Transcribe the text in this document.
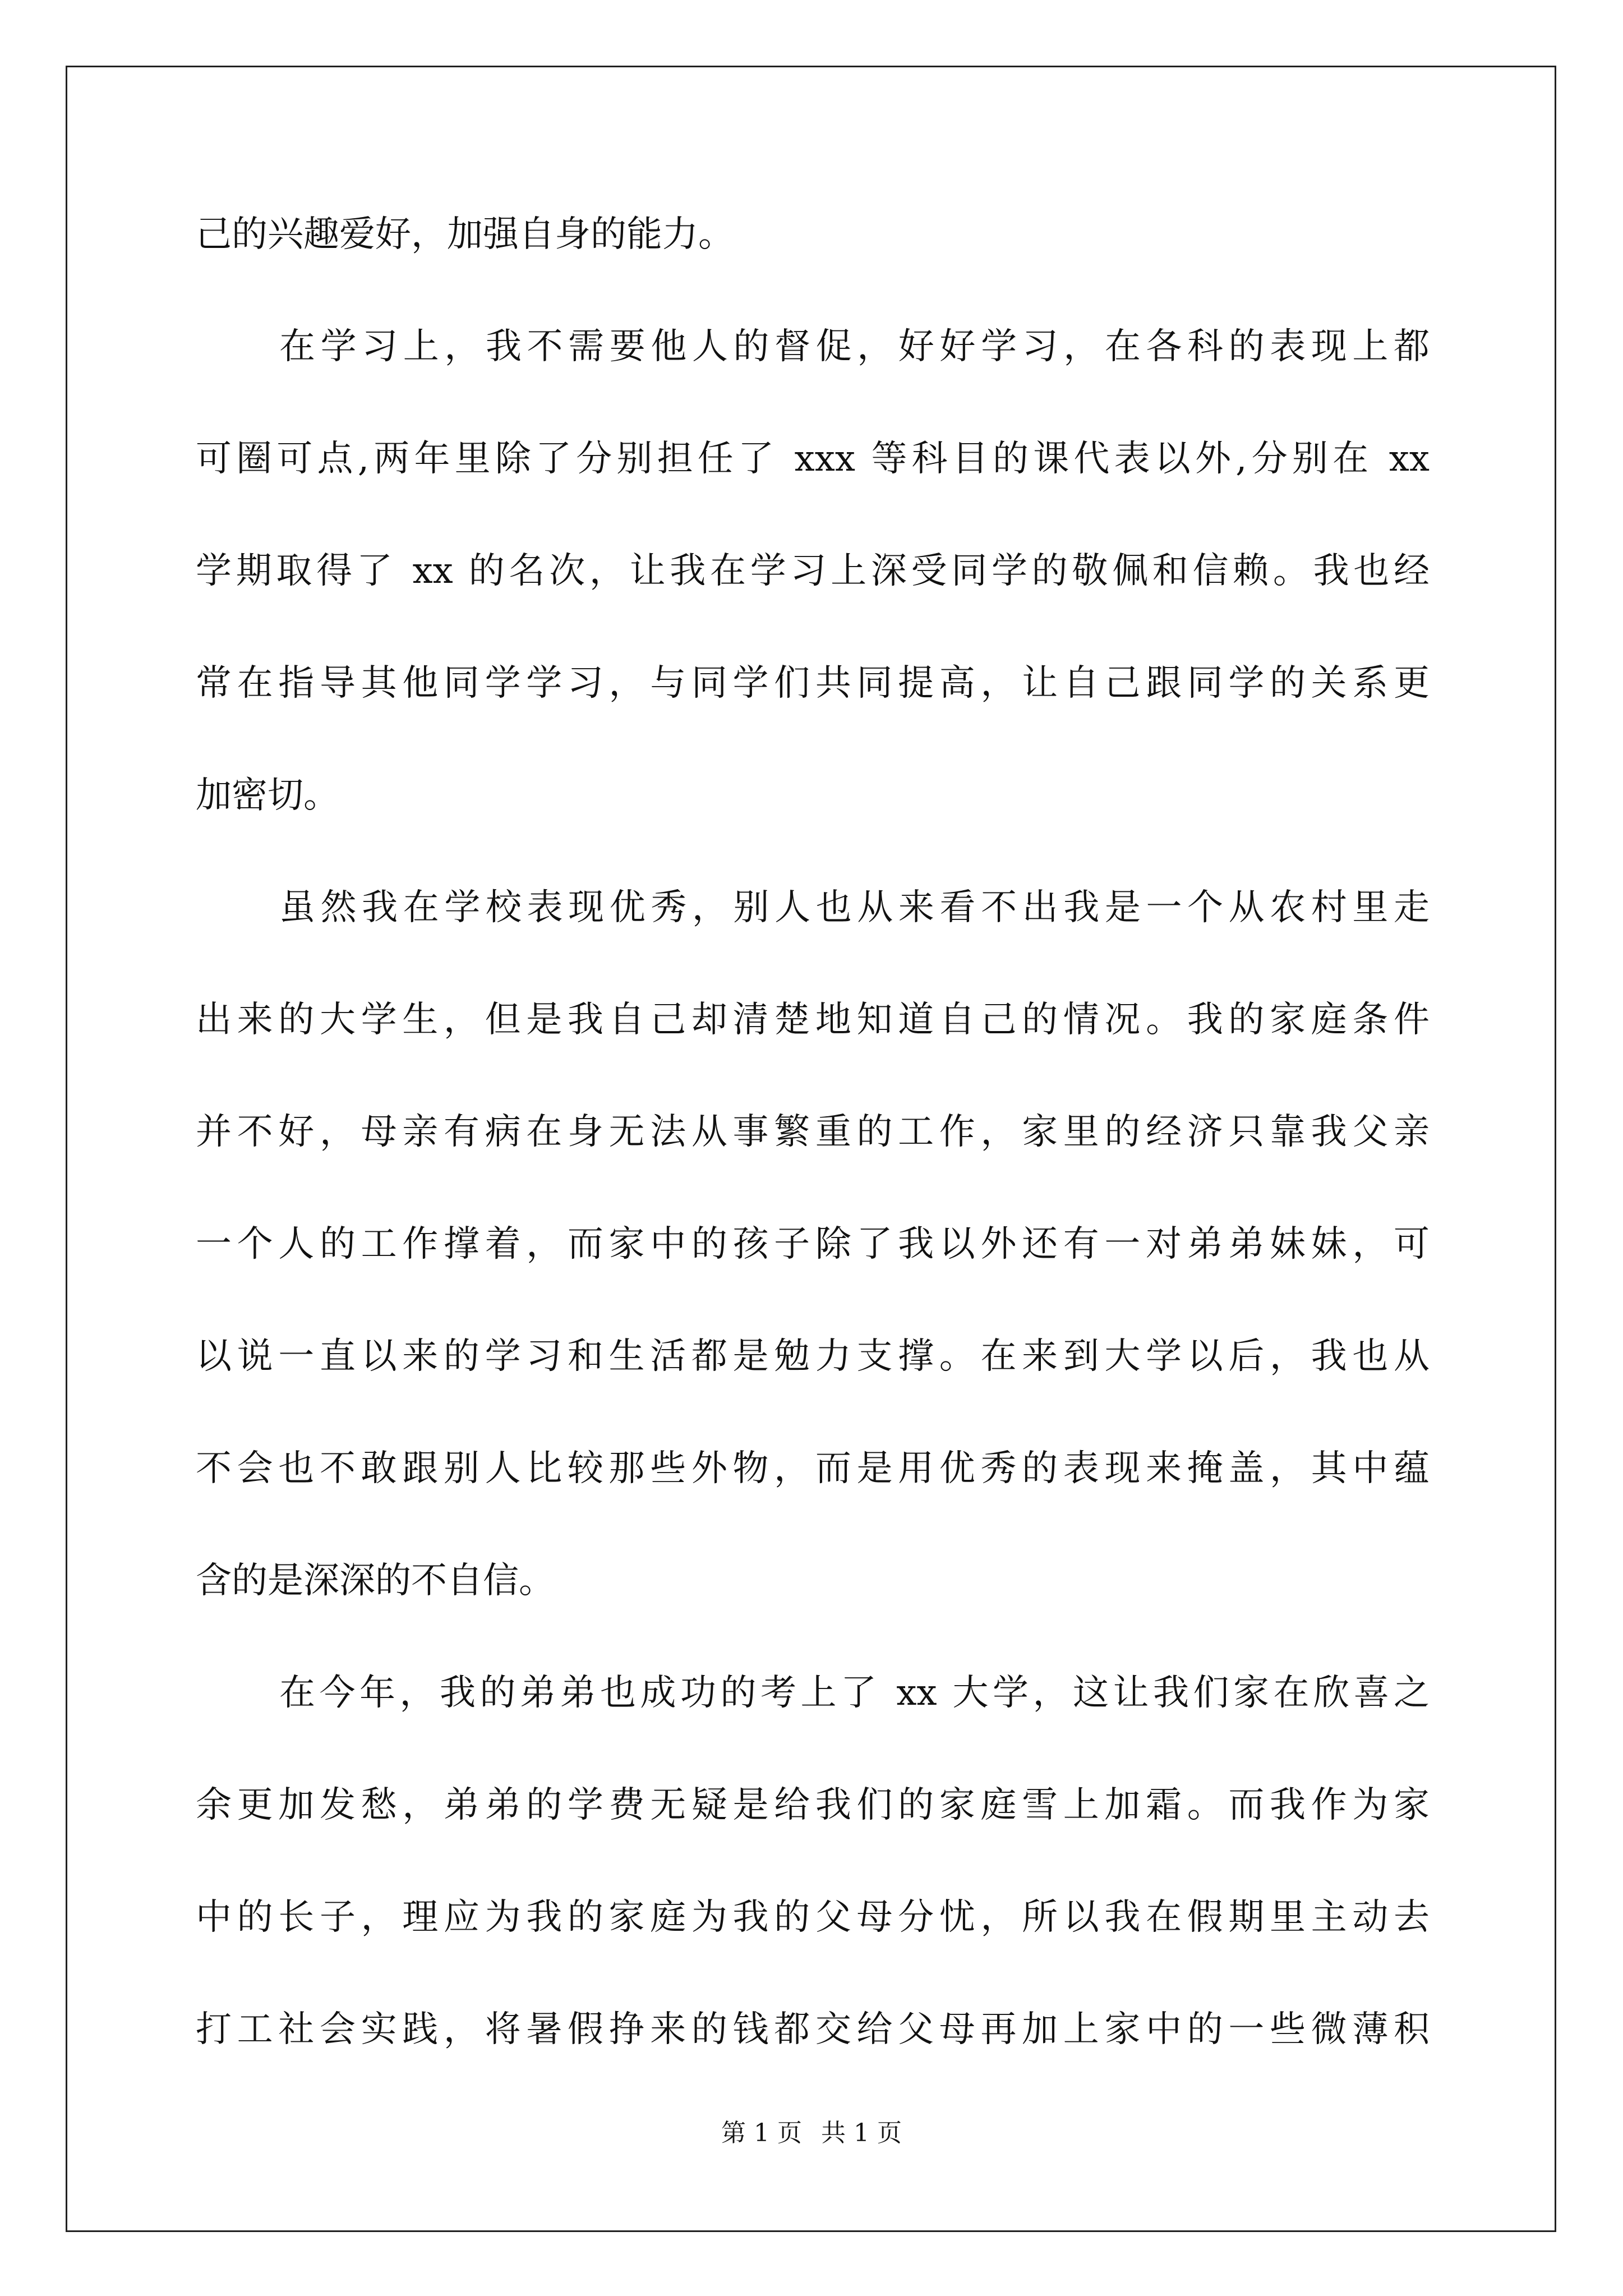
己的兴趣爱好，加强自身的能力。
在学习上，我不需要他人的督促，好好学习，在各科的表现上都
可圈可点,两年里除了分别担任了 xxx 等科目的课代表以外,分别在 xx
学期取得了 xx 的名次，让我在学习上深受同学的敬佩和信赖。我也经
常在指导其他同学学习，与同学们共同提高，让自己跟同学的关系更
加密切。
虽然我在学校表现优秀，别人也从来看不出我是一个从农村里走
出来的大学生，但是我自己却清楚地知道自己的情况。我的家庭条件
并不好，母亲有病在身无法从事繁重的工作，家里的经济只靠我父亲
一个人的工作撑着，而家中的孩子除了我以外还有一对弟弟妹妹，可
以说一直以来的学习和生活都是勉力支撑。在来到大学以后，我也从
不会也不敢跟别人比较那些外物，而是用优秀的表现来掩盖，其中蕴
含的是深深的不自信。
在今年，我的弟弟也成功的考上了 xx 大学，这让我们家在欣喜之
余更加发愁，弟弟的学费无疑是给我们的家庭雪上加霜。而我作为家
中的长子，理应为我的家庭为我的父母分忧，所以我在假期里主动去
打工社会实践，将暑假挣来的钱都交给父母再加上家中的一些微薄积
第 1 页 共 1 页
